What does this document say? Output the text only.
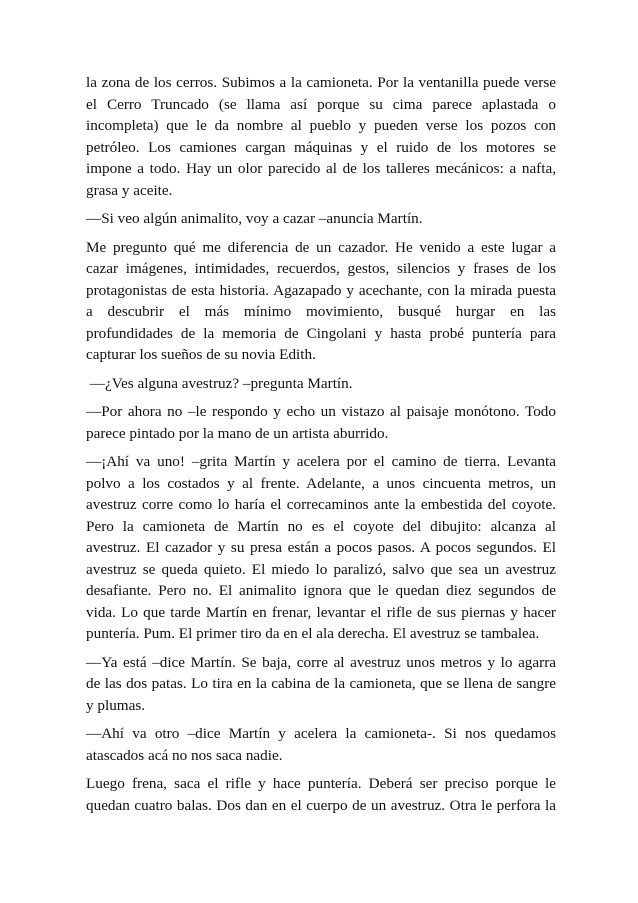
la zona de los cerros. Subimos a la camioneta. Por la ventanilla puede verse
el Cerro Truncado (se llama así porque su cima parece aplastada o
incompleta) que le da nombre al pueblo y pueden verse los pozos con
petróleo. Los camiones cargan máquinas y el ruido de los motores se
impone a todo. Hay un olor parecido al de los talleres mecánicos: a nafta,
grasa y aceite.

—Si veo algún animalito, voy a cazar –anuncia Martín.

Me pregunto qué me diferencia de un cazador. He venido a este lugar a
cazar imágenes, intimidades, recuerdos, gestos, silencios y frases de los
protagonistas de esta historia. Agazapado y acechante, con la mirada puesta
a descubrir el más mínimo movimiento, busqué hurgar en las
profundidades de la memoria de Cingolani y hasta probé puntería para
capturar los sueños de su novia Edith.

—¿Ves alguna avestruz? –pregunta Martín.

—Por ahora no –le respondo y echo un vistazo al paisaje monótono. Todo
parece pintado por la mano de un artista aburrido.

—¡Ahí va uno! –grita Martín y acelera por el camino de tierra. Levanta
polvo a los costados y al frente. Adelante, a unos cincuenta metros, un
avestruz corre como lo haría el correcaminos ante la embestida del coyote.
Pero la camioneta de Martín no es el coyote del dibujito: alcanza al
avestruz. El cazador y su presa están a pocos pasos. A pocos segundos. El
avestruz se queda quieto. El miedo lo paralizó, salvo que sea un avestruz
desafiante. Pero no. El animalito ignora que le quedan diez segundos de
vida. Lo que tarde Martín en frenar, levantar el rifle de sus piernas y hacer
puntería. Pum. El primer tiro da en el ala derecha. El avestruz se tambalea.

—Ya está –dice Martín. Se baja, corre al avestruz unos metros y lo agarra
de las dos patas. Lo tira en la cabina de la camioneta, que se llena de sangre
y plumas.

—Ahí va otro –dice Martín y acelera la camioneta-. Si nos quedamos
atascados acá no nos saca nadie.

Luego frena, saca el rifle y hace puntería. Deberá ser preciso porque le
quedan cuatro balas. Dos dan en el cuerpo de un avestruz. Otra le perfora la
